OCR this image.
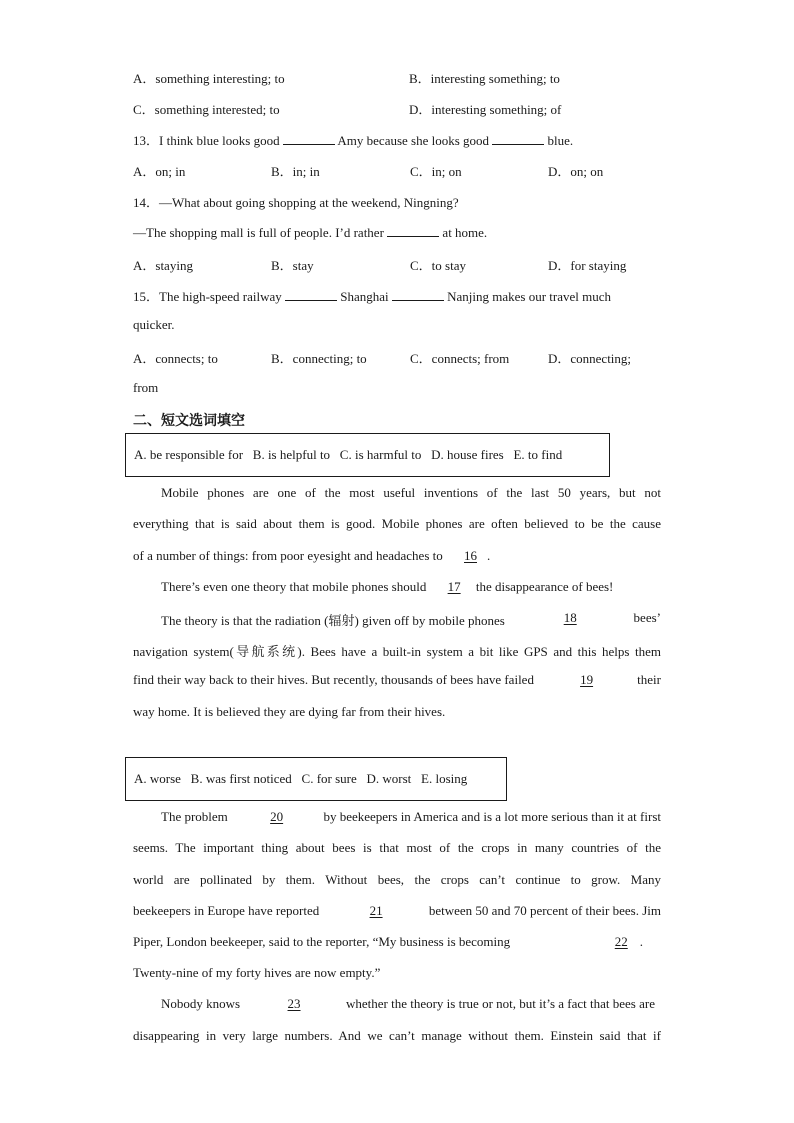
A．something interesting; to	B．interesting something; to
C．something interested; to	D．interesting something; of
13．I think blue looks good	Amy because she looks good	blue.
A．on; in	B．in; in	C．in; on	D．on; on
14．—What about going shopping at the weekend, Ningning?
—The shopping mall is full of people. I’d rather	at home.
A．staying	B．stay	C．to stay	D．for staying
15．The high-speed railway	Shanghai	Nanjing makes our travel much
quicker.
A．connects; to	B．connecting; to	C．connects; from	D．connecting;
from
二、短文选词填空
A. be responsible for   B. is helpful to   C. is harmful to   D. house fires   E. to find
Mobile phones are one of the most useful inventions of the last 50 years, but not
everything that is said about them is good. Mobile phones are often believed to be the cause
of a number of things: from poor eyesight and headaches to 16 .
There’s even one theory that mobile phones should 17 the disappearance of bees!
The theory is that the radiation (辐射) given off by mobile phones	18	bees’
navigation system(导航系统). Bees have a built-in system a bit like GPS and this helps them
find their way back to their hives. But recently, thousands of bees have failed	19	their
way home. It is believed they are dying far from their hives.
A. worse   B. was first noticed   C. for sure   D. worst   E. losing
The problem	20	by beekeepers in America and is a lot more serious than it at first
seems. The important thing about bees is that most of the crops in many countries of the
world are pollinated by them. Without bees, the crops can’t continue to grow. Many
beekeepers in Europe have reported	21	between 50 and 70 percent of their bees. Jim
Piper, London beekeeper, said to the reporter, “My business is becoming	22 .
Twenty-nine of my forty hives are now empty.”
Nobody knows	23	whether the theory is true or not, but it’s a fact that bees are
disappearing in very large numbers. And we can’t manage without them. Einstein said that if
